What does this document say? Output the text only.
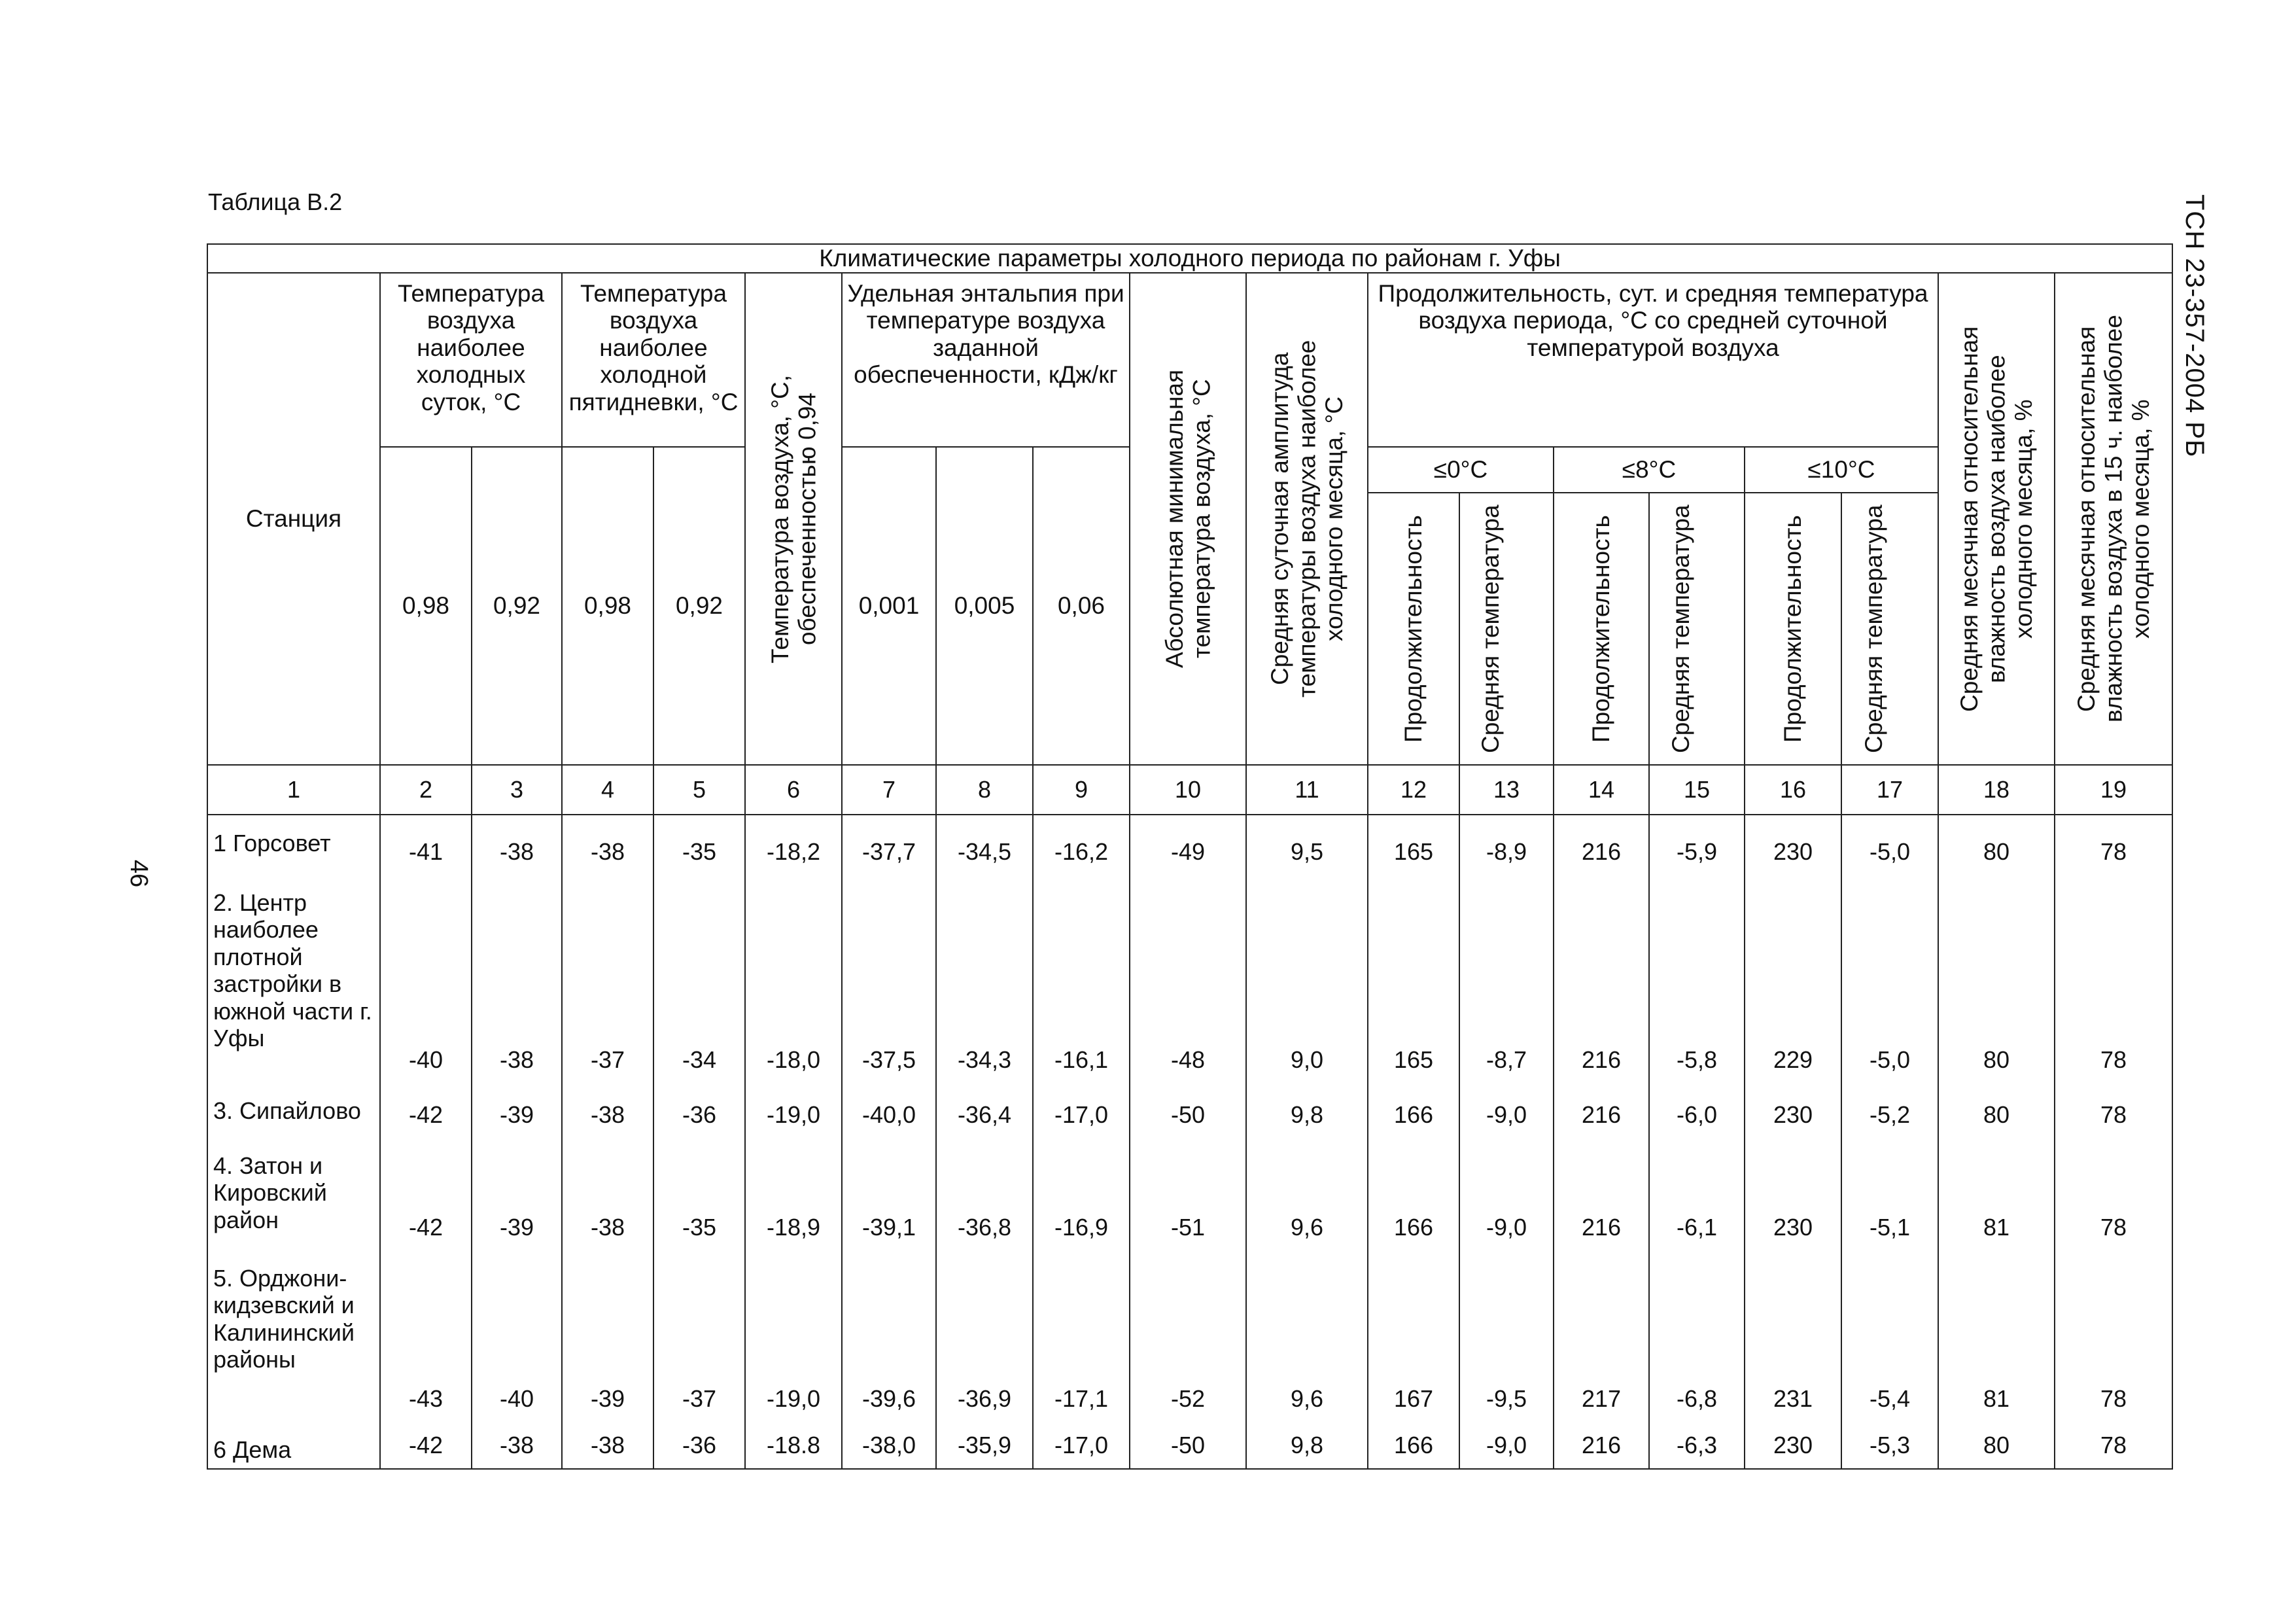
Таблица В.2	ТСН 23-357-2004 РБ
46
Климатические параметры холодного периода по районам г. Уфы																		
Станция	Температура воздуха наиболее холодных суток, °С		Температура воздуха наиболее холодной пятидневки, °С		Температура воздуха, °С, обеспеченностью 0,94	Удельная энтальпия при температуре воздуха заданной обеспеченности, кДж/кг			Абсолютная минимальная температура воздуха, °С	Средняя суточная амплитуда температуры воздуха наиболее холодного месяца, °С	Продолжительность, сут. и средняя температура воздуха периода, °С со средней суточной температурой воздуха						Средняя месячная относительная влажность воздуха наиболее холодного месяца, %	Средняя месячная относительная влажность воздуха в 15 ч. наиболее холодного месяца, %

	0,98	0,92	0,98	0,92		0,001	0,005	0,06			≤0°С		≤8°С		≤10°С			

											Продолжительность	Средняя температура	Продолжительность	Средняя температура	Продолжительность	Средняя температура		

1	2	3	4	5	6	7	8	9	10	11	12	13	14	15	16	17	18	19
1 Горсовет	-41	-38	-38	-35	-18,2	-37,7	-34,5	-16,2	-49	9,5	165	-8,9	216	-5,9	230	-5,0	80	78
2. Центр наиболее плотной застройки в южной части г. Уфы	-40	-38	-37	-34	-18,0	-37,5	-34,3	-16,1	-48	9,0	165	-8,7	216	-5,8	229	-5,0	80	78
3. Сипайлово	-42	-39	-38	-36	-19,0	-40,0	-36,4	-17,0	-50	9,8	166	-9,0	216	-6,0	230	-5,2	80	78
4. Затон и Кировский район	-42	-39	-38	-35	-18,9	-39,1	-36,8	-16,9	-51	9,6	166	-9,0	216	-6,1	230	-5,1	81	78
5. Орджони-кидзевский и Калининский районы	-43	-40	-39	-37	-19,0	-39,6	-36,9	-17,1	-52	9,6	167	-9,5	217	-6,8	231	-5,4	81	78
6 Дема	-42	-38	-38	-36	-18.8	-38,0	-35,9	-17,0	-50	9,8	166	-9,0	216	-6,3	230	-5,3	80	78
